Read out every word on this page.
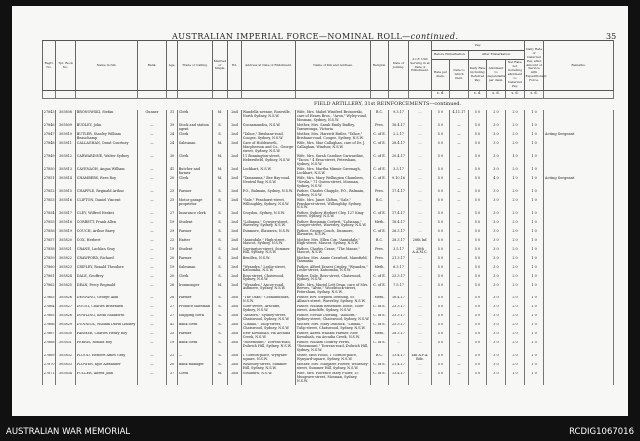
AUSTRALIAN IMPERIAL FORCE—NOMINAL ROLL—continued.	35
Regtl. No.	Tpt. Book No.	Name in full.	Rank.	Age.	Trade or Calling.	Married or Single.	Ed.	Address at Date of Enlistment.	Name of Kin and Address.	Religion.	Date of Joining.	A.I.F. Unit Serving in at Date of Enlistment.	Pay.					Daily Rate of Deferred Pay, after Amount of Service with Expeditionary Force.	Remarks.
													Before Embarkation.		After Embarkation.				
													Rate per diem.	Date to which Paid.	Daily Rate including Deferred Pay.	Allotment to dependants per diem.	Net Rate, not including allotment to Deferred Pay.		
													s. d.		s. d.	s. d.	s. d.	s. d.	
FIELD ARTILLERY, 31st REINFORCEMENTS—continued.																			
27843	305808	BRONOWSKI, Stefan	Gunner	31	Clerk	M.	2nd	Wandella-avenue, Roseville, North Sydney, N.S.W.	Wife, Mrs. Mabel Winifred Bronowski, care of Hearn Bros., "Avon," Wyley-road, Mosman, Sydney, N.S.W.	R.C.	9.3.17	...	5 0	4.11.17	5 0	2 0	2 0	1 0	
27846	305809	BUDLEY, John	—	39	Stock and station agent	S.	2nd	Coonamundra, N.S.W.	Mother, Mrs. Sarah Emily Budley, Yarrawonga, Victoria	Pres.	16.4.17	...	5 0	—	5 0	3 0	2 0	1 0	
27847	305810	BUTLER, Stanley William Beauchamp	—	24	Clerk	S.	2nd	"Tahoe," Brisbane-road, Coogee, Sydney, N.S.W.	Mother, Mrs. Harriett Butler, "Tahoe," Brisbane-road, Coogee, Sydney, N.S.W.	C. of E.	2.2.17	...	5 0	—	5 0	3 0	2 0	1 0	Acting Sergeant
27848	305811	CALLAGHAN, Osmé Courtney	—	24	Salesman	M.	2nd	Care of Holdsworth, Macpherson and Co., George-street, Sydney, N.S.W.	Wife, Mrs. Mae Callaghan, care of Dr. J. Callaghan, Windsor, N.S.W.	C. of E.	28.4.17	...	5 0	—	5 0	3 0	2 0	1 0	
27849	305812	CARWARDINE, Walter Sydney	—	30	Clerk	M.	2nd	11 Bonnington-street, Hebersfield, Sydney, N.S.W.	Wife, Mrs. Sarah Caroline Carwardine, "Tacon," 4 Erna-street, Petersham, Sydney, N.S.W.	C. of E.	20.4.17	...	5 0	—	5 0	3 0	1 0	1 0	
27850	305813	CAVENAGH, Angus William	—	41	Butcher and farmer	M.	2nd	Lockhart, N.S.W.	Wife, Mrs. Martha Minnie Cavenagh, Lockhart, N.S.W.	C. of E.	3.3.17	...	5 0	—	5 0	3 0	2 0	1 0	
27851	305814	CHAMBERS, Rees Roy	—	20	Clerk	M.	2nd	"Tamarama," Bee Bay-road, Neutral Bay, N.S.W.	Wife, Mrs. Mary Wellington Chambers, "Nevila," 71 Queen-street, Mosman, Sydney, N.S.W.	C. of E.	9.10.16	...	5 0	—	5 0	4 0	1 0	1 0	Acting Sergeant
27852	305815	CHAPPLE, Reginald Arthur	—	25	Farmer	S.	2nd	P.O., Balmain, Sydney, N.S.W.	Father, Charles Chapple, P.O., Balmain, Sydney, N.S.W.	Pres.	17.4.17	...	5 0	—	5 0	3 0	2 0	1 0	
27853	305816	CLIFTON, Daniel Vincent	—	25	Motor garage proprietor	S.	2nd	"Sale," Penshurst-street, Willoughby, Sydney, N.S.W.	Wife, Mrs. Janet Clifton, "Sale," Penshurst-street, Willoughby, Sydney, N.S.W.	R.C.	...	...	5 0	—	5 0	3 0	2 0	1 0	
27854	305817	CLEY, Wilfred Hesket	—	27	Insurance clerk	S.	2nd	Croydon, Sydney, N.S.W.	Father, Sydney Herbert Cley, 127 King-street, Sydney, N.S.W.	C. of E.	17.4.17	...	5 0	—	5 0	3 0	2 0	1 0	
27855	305818	CORBETT, Frank Allen	—	19	Student	S.	2nd	"Lolianna," Cowper-street, Waverley, Sydney, N.S.W.	Father, Benjamin Corbett, "Lolianna," Cowper-street, Waverley, Sydney, N.S.W.	Meth.	18.4.17	...	5 0	—	5 0	3 0	2 0	1 0	
27856	305819	COUCH, Arthur Barry	—	29	Farmer	S.	2nd	Dunmore, Illawarra, N.S.W.	Father, George Couch, Dunmore, Illawarra, N.S.W.	C. of E.	26.3.17	...	5 0	—	5 0	3 0	2 0	1 0	
27857	305820	COX, Herbert	—	22	Hatter	S.	2nd	"Annisdale," High-street, Mascot, Sydney, N.S.W.	Mother, Mrs. Ellen Cox, "Annisdale," High-street, Mascot, Sydney, N.S.W.	R.C.	28.3.17	28th Inf.	5 0	—	5 0	3 0	2 0	1 0	
27858	305821	CRANE, Lachlan Gray	—	19	Student	S.	2nd	Carrington-street, Summer Hill, Sydney, N.S.W.	Father, Charles Crane, "The Manse," Mascot, N.S.W.	Pres.	3.5.17	28th A.A.M.C.	5 0	—	5 0	3 0	2 0	1 0	
27859	305822	CRAWFORD, Richard	—	20	Farmer	S.	2nd	Bendlea, N.S.W.	Mother, Mrs. Annie Crawford, Mansfield, Tasmania	Pres.	21.3.17	...	5 0	—	5 0	3 0	2 0	1 0	
27860	305823	CRIPLEY, Ronald Theodore	—	19	Salesman	S.	2nd	"Wyandra," Leslie-street, Katoomba, N.S.W.	Father, Alfred Ernest Cripley, "Wyandra," Leslie-street, Katoomba, N.S.W.	Meth.	6.3.17	...	5 0	—	5 0	3 0	2 0	1 0	
27861	305824	DALE, Geoffrey	—	20	Clerk	S.	2nd	Ross-street, Chatswood, Sydney, N.S.W.	Father, Dale, Ross-street, Chatswood, Sydney, N.S.W.	C. of E.	23.3.17	...	5 0	—	5 0	3 0	2 0	1 0	
27862	305825	DEAN, Percy Reginald	—	26	Ironmonger	M.	2nd	"Wyandra," Ancoy-road, Ashmere, Sydney, N.S.W.	Wife, Mrs. Muriel Lett Dean, care of Mrs. Reeves, "Alvin," Woodstock-street, Petersham, Sydney, N.S.W.	C. of E.	7.5.17	...	5 0	—	5 0	3 0	2 0	1 0	
27863	305826	DENNING, George Alan	—	28	Farmer	S.	2nd	"The Oaks," Coonamundra, N.S.W.	Father, Rev. Stephen Denning, St. Alban's-street, Waverley, Sydney, N.S.W.	Meth.	16.4.17	...	5 0	—	5 0	3 0	2 0	1 0	
27864	305827	DOUST, Charles Brisenden	—	27	Produce salesman	S.	2nd	Gore-street, Arncliffe, Sydney, N.S.W.	Father, William Brisenden Doust, Gore-street, Arncliffe, Sydney, N.S.W.	C. of E.	23.3.17	...	5 0	—	5 0	3 0	2 0	1 0	
27865	305828	DOWLING, Keith Shadforth	—	27	Shipping clerk	S.	2nd	"Ashford," Sydney-street, Chatswood, Sydney, N.S.W.	Father, Neville Dowling, "Ashford," Sydney-street, Chatswood, Sydney, N.S.W.	C. of E.	23.3.17	...	5 0	—	5 0	3 0	2 0	1 0	
27866	305829	DUNNICK, William David Lindsey	—	41	Bank clerk	S.	2nd	"Lindall," Tulip-street, Chatswood, Sydney, N.S.W.	Mother, Mrs. Mary Dunnick, "Lindall," Tulip-street, Chatswood, Sydney, N.S.W.	C. of E.	23.3.17	...	5 0	—	5 0	3 0	2 0	1 0	
27867	305830	FARMER, Charles Henry Roy	—	25	Farmer	S.	2nd	New Kowahiah, via Arcadia Creek, N.S.W.	Father, Alfred William Farmer, New Kowahiah, via Arcadia Creek, N.S.W.	Meth.	28.3.17	...	5 0	—	5 0	3 0	2 0	1 0	
27868	305831	FERRIS, Ronald Roy	—	19	Bank clerk	S.	2nd	"Rosemount," Torrens-road, Dulwich Hill, Sydney, N.S.W.	Father, William Godfrey Ferris, "Rosemount," Torrens-road, Dulwich Hill, Sydney, N.S.W.	C. of E.	...	...	5 0	—	5 0	3 0	2 0	1 0	
27869	305832	FLOOD, Herbert Ames Gray	—	21	—	S.	2nd	1 Gordon-place, Wynyard-square, N.S.W.	Sister, Miss Flood, 1 Gordon-place, Wynyard-square, Sydney, N.S.W.	R.C.	13.4.17	4th A.F.A. Bde.	5 0	—	5 0	3 0	2 0	1 0	
27870	305833	FLOWER, Kyle Alexander	—	20	Bank manager	S.	2nd	Wellesley-street, Summer Hill, Sydney, N.S.W.	Mother, Mrs. Margaret Flower, Wellesley-street, Summer Hill, Sydney, N.S.W.	C. of E.	21.4.17	...	5 0	—	5 0	3 0	2 0	1 0	
27871	305834	FULLER, Alfred John	—	37	Clerk	M.	2nd	Goulburn, N.S.W.	Wife, Mrs. Florence Mary Fuller, 15 Musgrave-street, Mosman, Sydney, N.S.W.	C. of E.	13.4.17	...	5 0	—	5 0	3 0	1 0	1 0	
AUSTRALIAN WAR MEMORIAL	RCDIG1067016
